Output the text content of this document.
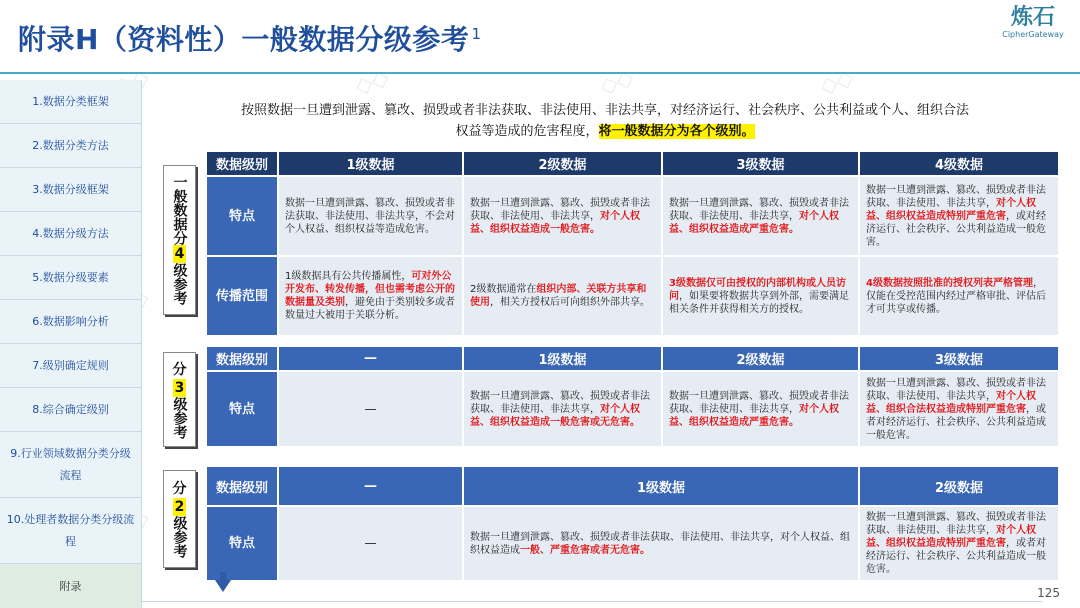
附录H（资料性）一般数据分级参考 $^1$
炼石
CipherGateway
◇◇	◇◇	◇◇
1.数据分类框架
2.数据分类方法
3.数据分级框架
4.数据分级方法
5.数据分级要素
6.数据影响分析
7.级别确定规则
8.综合确定级别
9.行业领域数据分类分级流程
10.处理者数据分类分级流程
附录
按照数据一旦遭到泄露、篡改、损毁或者非法获取、非法使用、非法共享，对经济运行、社会秩序、公共利益或个人、组织合法
权益等造成的危害程度，将一般数据分为各个级别。
一般数据分
4
级参考
数据级别	1级数据	2级数据	3级数据	4级数据
特点	数据一旦遭到泄露、篡改、损毁或者非法获取、非法使用、非法共享，不会对个人权益、组织权益等造成危害。	数据一旦遭到泄露、篡改、损毁或者非法获取、非法使用、非法共享，对个人权益、组织权益造成一般危害。	数据一旦遭到泄露、篡改、损毁或者非法获取、非法使用、非法共享，对个人权益、组织权益造成严重危害。	数据一旦遭到泄露、篡改、损毁或者非法获取、非法使用、非法共享，对个人权益、组织权益造成特别严重危害，或对经济运行、社会秩序、公共利益造成一般危害。
传播范围	1级数据具有公共传播属性，可对外公开发布、转发传播，但也需考虑公开的数据量及类别，避免由于类别较多或者数量过大被用于关联分析。	2级数据通常在组织内部、关联方共享和使用，相关方授权后可向组织外部共享。	3级数据仅可由授权的内部机构或人员访问，如果要将数据共享到外部，需要满足相关条件并获得相关方的授权。	4级数据按照批准的授权列表严格管理，仅能在受控范围内经过严格审批、评估后才可共享或传播。
分
3
级参考
数据级别	—	1级数据	2级数据	3级数据
特点	—	数据一旦遭到泄露、篡改、损毁或者非法获取、非法使用、非法共享，对个人权益、组织权益造成一般危害或无危害。	数据一旦遭到泄露、篡改、损毁或者非法获取、非法使用、非法共享，对个人权益、组织权益造成严重危害。	数据一旦遭到泄露、篡改、损毁或者非法获取、非法使用、非法共享，对个人权益、组织合法权益造成特别严重危害，或者对经济运行、社会秩序、公共利益造成一般危害。
分
2
级参考
数据级别	—	1级数据	2级数据
特点	—	数据一旦遭到泄露、篡改、损毁或者非法获取、非法使用、非法共享，对个人权益、组织权益造成一般、严重危害或者无危害。	数据一旦遭到泄露、篡改、损毁或者非法获取、非法使用、非法共享，对个人权益、组织权益造成特别严重危害，或者对经济运行、社会秩序、公共利益造成一般危害。
125
